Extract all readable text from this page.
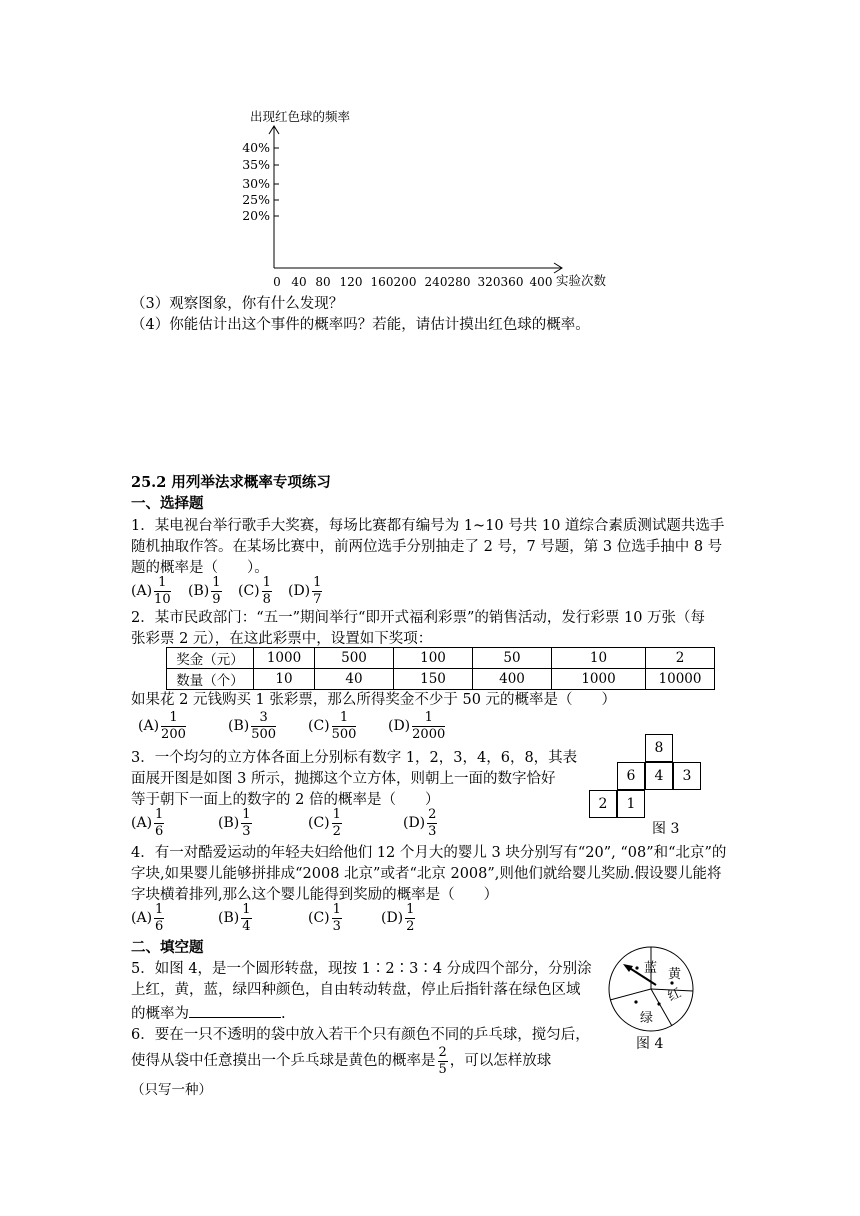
出现红色球的频率
40%
35%
30%
25%
20%
0 40 80 120 160 200 240 280 320 360 400 实验次数
（3）观察图象，你有什么发现？
（4）你能估计出这个事件的概率吗？若能，请估计摸出红色球的概率。
25.2 用列举法求概率专项练习
一、选择题
1．某电视台举行歌手大奖赛，每场比赛都有编号为 1~10 号共 10 道综合素质测试题共选手
随机抽取作答。在某场比赛中，前两位选手分别抽走了 2 号，7 号题，第 3 位选手抽中 8 号
题的概率是（　　）。
$(A) \frac{1}{10} (B) \frac{1}{9} (C) \frac{1}{8} (D) \frac{1}{7}$
2．某市民政部门：“五一”期间举行“即开式福利彩票”的销售活动，发行彩票 10 万张（每
张彩票 2 元），在这此彩票中，设置如下奖项：
奖金（元）	1000	500	100	50	10	2
数量（个）	10	40	150	400	1000	10000
如果花 2 元钱购买 1 张彩票，那么所得奖金不少于 50 元的概率是（　　）
$(A) \frac{1}{200}$	$(B) \frac{3}{500} (C) \frac{1}{500} (D) \frac{1}{2000}$
3．一个均匀的立方体各面上分别标有数字 1，2，3，4，6，8，其表
面展开图是如图 3 所示，抛掷这个立方体，则朝上一面的数字恰好
等于朝下一面上的数字的 2 倍的概率是（　　）
$(A) \frac{1}{6}$	$(B) \frac{1}{3}$	$(C) \frac{1}{2}$	$(D) \frac{2}{3}$
8
6	4	3
2	1
图 3
4．有一对酷爱运动的年轻夫妇给他们 12 个月大的婴儿 3 块分别写有“20”, “08”和“北京”的
字块,如果婴儿能够拼排成“2008 北京”或者“北京 2008”,则他们就给婴儿奖励.假设婴儿能将
字块横着排列,那么这个婴儿能得到奖励的概率是（　　）
$(A) \frac{1}{6}$	$(B) \frac{1}{4}$	$(C) \frac{1}{3}$	$(D) \frac{1}{2}$
二、填空题
5．如图 4，是一个圆形转盘，现按 1∶2∶3∶4 分成四个部分，分别涂
上红，黄，蓝，绿四种颜色，自由转动转盘，停止后指针落在绿色区域
的概率为	.
蓝 黄
红
绿
图 4
6．要在一只不透明的袋中放入若干个只有颜色不同的乒乓球，搅匀后，
使得从袋中任意摸出一个乒乓球是黄色的概率是 $\frac{2}{5}$ ，可以怎样放球
（只写一种）
